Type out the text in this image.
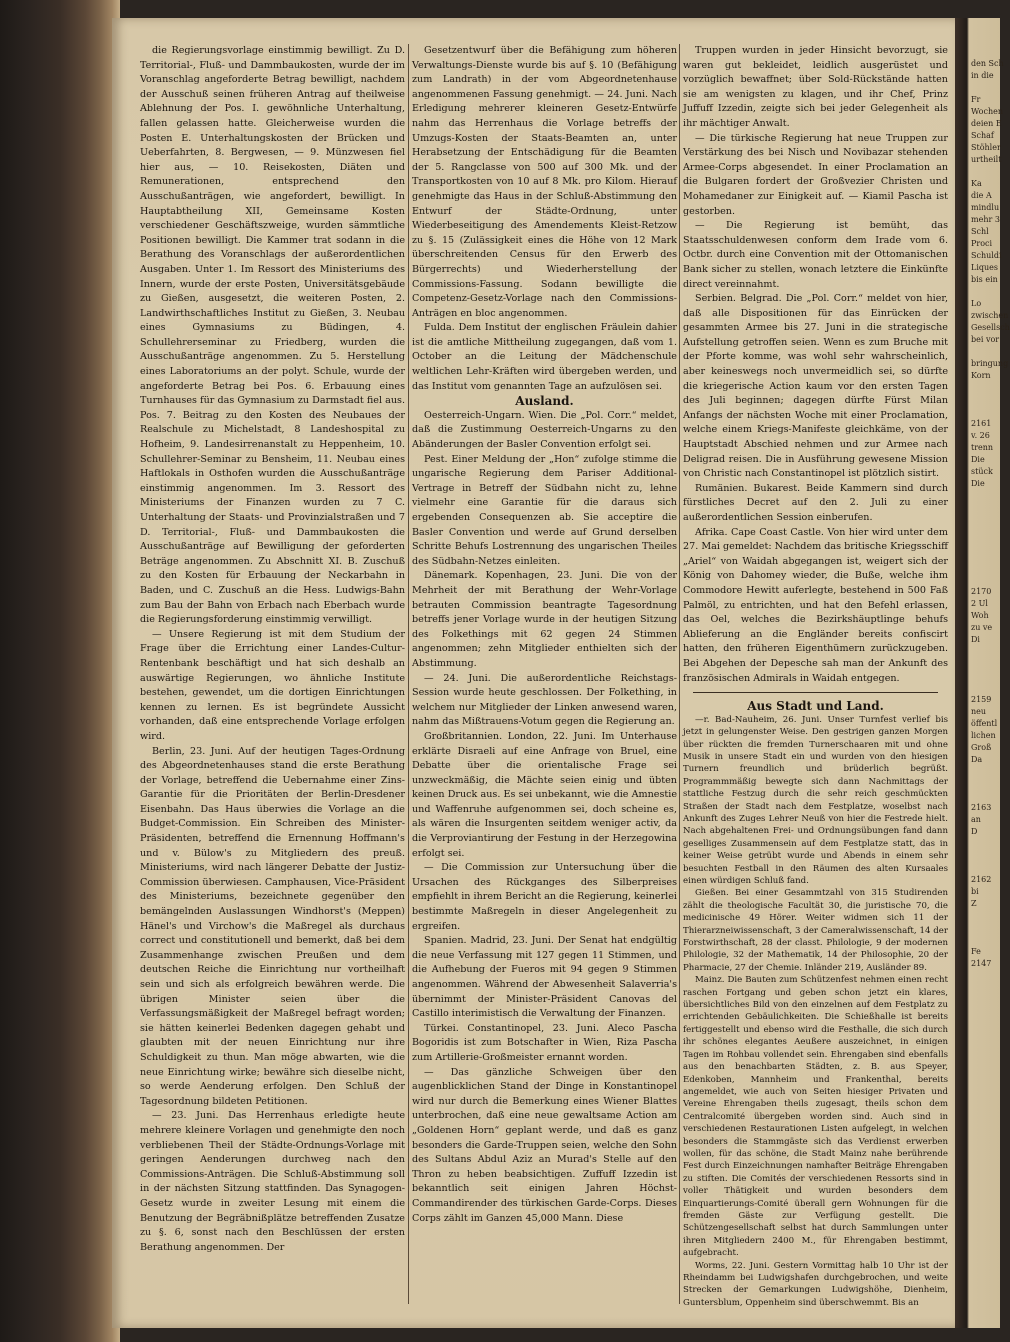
den Sch
in die

Fr
Wochen
deien E
Schaf
Stöhler
urtheilt

Ka
die A
mindlu
mehr 3
Schl
Proci
Schuldi
Liques
bis ein

Lo
zwischen
Gesellsch
bei vor

bringung
Korn

2161
v. 26
trenn
Die
stück
Die

2170
2 Ul
Woh
zu ve
Di

2159
neu
öffentl
lichen
Groß
Da

2163
an
D

2162
bi
Z

Fe
2147

die Regierungsvorlage einstimmig bewilligt. Zu D. Territorial-, Fluß- und Dammbaukosten, wurde der im Voranschlag angeforderte Betrag bewilligt, nachdem der Ausschuß seinen früheren Antrag auf theilweise Ablehnung der Pos. I. gewöhnliche Unterhaltung, fallen gelassen hatte. Gleicherweise wurden die Posten E. Unterhaltungskosten der Brücken und Ueberfahrten, 8. Bergwesen, — 9. Münzwesen fiel hier aus, — 10. Reisekosten, Diäten und Remunerationen, entsprechend den Ausschußanträgen, wie angefordert, bewilligt. In Hauptabtheilung XII, Gemeinsame Kosten verschiedener Geschäftszweige, wurden sämmtliche Positionen bewilligt. Die Kammer trat sodann in die Berathung des Voranschlags der außerordentlichen Ausgaben. Unter 1. Im Ressort des Ministeriums des Innern, wurde der erste Posten, Universitätsgebäude zu Gießen, ausgesetzt, die weiteren Posten, 2. Landwirthschaftliches Institut zu Gießen, 3. Neubau eines Gymnasiums zu Büdingen, 4. Schullehrerseminar zu Friedberg, wurden die Ausschußanträge angenommen. Zu 5. Herstellung eines Laboratoriums an der polyt. Schule, wurde der angeforderte Betrag bei Pos. 6. Erbauung eines Turnhauses für das Gymnasium zu Darmstadt fiel aus. Pos. 7. Beitrag zu den Kosten des Neubaues der Realschule zu Michelstadt, 8 Landeshospital zu Hofheim, 9. Landesirrenanstalt zu Heppenheim, 10. Schullehrer-Seminar zu Bensheim, 11. Neubau eines Haftlokals in Osthofen wurden die Ausschußanträge einstimmig angenommen. Im 3. Ressort des Ministeriums der Finanzen wurden zu 7 C. Unterhaltung der Staats- und Provinzialstraßen und 7 D. Territorial-, Fluß- und Dammbaukosten die Ausschußanträge auf Bewilligung der geforderten Beträge angenommen. Zu Abschnitt XI. B. Zuschuß zu den Kosten für Erbauung der Neckarbahn in Baden, und C. Zuschuß an die Hess. Ludwigs-Bahn zum Bau der Bahn von Erbach nach Eberbach wurde die Regierungsforderung einstimmig verwilligt.

— Unsere Regierung ist mit dem Studium der Frage über die Errichtung einer Landes-Cultur-Rentenbank beschäftigt und hat sich deshalb an auswärtige Regierungen, wo ähnliche Institute bestehen, gewendet, um die dortigen Einrichtungen kennen zu lernen. Es ist begründete Aussicht vorhanden, daß eine entsprechende Vorlage erfolgen wird.

Berlin, 23. Juni. Auf der heutigen Tages-Ordnung des Abgeordnetenhauses stand die erste Berathung der Vorlage, betreffend die Uebernahme einer Zins-Garantie für die Prioritäten der Berlin-Dresdener Eisenbahn. Das Haus überwies die Vorlage an die Budget-Commission. Ein Schreiben des Minister-Präsidenten, betreffend die Ernennung Hoffmann's und v. Bülow's zu Mitgliedern des preuß. Ministeriums, wird nach längerer Debatte der Justiz-Commission überwiesen. Camphausen, Vice-Präsident des Ministeriums, bezeichnete gegenüber den bemängelnden Auslassungen Windhorst's (Meppen) Hänel's und Virchow's die Maßregel als durchaus correct und constitutionell und bemerkt, daß bei dem Zusammenhange zwischen Preußen und dem deutschen Reiche die Einrichtung nur vortheilhaft sein und sich als erfolgreich bewähren werde. Die übrigen Minister seien über die Verfassungsmäßigkeit der Maßregel befragt worden; sie hätten keinerlei Bedenken dagegen gehabt und glaubten mit der neuen Einrichtung nur ihre Schuldigkeit zu thun. Man möge abwarten, wie die neue Einrichtung wirke; bewähre sich dieselbe nicht, so werde Aenderung erfolgen. Den Schluß der Tagesordnung bildeten Petitionen.

— 23. Juni. Das Herrenhaus erledigte heute mehrere kleinere Vorlagen und genehmigte den noch verbliebenen Theil der Städte-Ordnungs-Vorlage mit geringen Aenderungen durchweg nach den Commissions-Anträgen. Die Schluß-Abstimmung soll in der nächsten Sitzung stattfinden. Das Synagogen-Gesetz wurde in zweiter Lesung mit einem die Benutzung der Begräbnißplätze betreffenden Zusatze zu §. 6, sonst nach den Beschlüssen der ersten Berathung angenommen. Der

Gesetzentwurf über die Befähigung zum höheren Verwaltungs-Dienste wurde bis auf §. 10 (Befähigung zum Landrath) in der vom Abgeordnetenhause angenommenen Fassung genehmigt. — 24. Juni. Nach Erledigung mehrerer kleineren Gesetz-Entwürfe nahm das Herrenhaus die Vorlage betreffs der Umzugs-Kosten der Staats-Beamten an, unter Herabsetzung der Entschädigung für die Beamten der 5. Rangclasse von 500 auf 300 Mk. und der Transportkosten von 10 auf 8 Mk. pro Kilom. Hierauf genehmigte das Haus in der Schluß-Abstimmung den Entwurf der Städte-Ordnung, unter Wiederbeseitigung des Amendements Kleist-Retzow zu §. 15 (Zulässigkeit eines die Höhe von 12 Mark überschreitenden Census für den Erwerb des Bürgerrechts) und Wiederherstellung der Commissions-Fassung. Sodann bewilligte die Competenz-Gesetz-Vorlage nach den Commissions-Anträgen en bloc angenommen.

Fulda. Dem Institut der englischen Fräulein dahier ist die amtliche Mittheilung zugegangen, daß vom 1. October an die Leitung der Mädchenschule weltlichen Lehr-Kräften wird übergeben werden, und das Institut vom genannten Tage an aufzulösen sei.

Ausland.

Oesterreich-Ungarn. Wien. Die „Pol. Corr.“ meldet, daß die Zustimmung Oesterreich-Ungarns zu den Abänderungen der Basler Convention erfolgt sei.

Pest. Einer Meldung der „Hon“ zufolge stimme die ungarische Regierung dem Pariser Additional-Vertrage in Betreff der Südbahn nicht zu, lehne vielmehr eine Garantie für die daraus sich ergebenden Consequenzen ab. Sie acceptire die Basler Convention und werde auf Grund derselben Schritte Behufs Lostrennung des ungarischen Theiles des Südbahn-Netzes einleiten.

Dänemark. Kopenhagen, 23. Juni. Die von der Mehrheit der mit Berathung der Wehr-Vorlage betrauten Commission beantragte Tagesordnung betreffs jener Vorlage wurde in der heutigen Sitzung des Folkethings mit 62 gegen 24 Stimmen angenommen; zehn Mitglieder enthielten sich der Abstimmung.

— 24. Juni. Die außerordentliche Reichstags-Session wurde heute geschlossen. Der Folkething, in welchem nur Mitglieder der Linken anwesend waren, nahm das Mißtrauens-Votum gegen die Regierung an.

Großbritannien. London, 22. Juni. Im Unterhause erklärte Disraeli auf eine Anfrage von Bruel, eine Debatte über die orientalische Frage sei unzweckmäßig, die Mächte seien einig und übten keinen Druck aus. Es sei unbekannt, wie die Amnestie und Waffenruhe aufgenommen sei, doch scheine es, als wären die Insurgenten seitdem weniger activ, da die Verproviantirung der Festung in der Herzegowina erfolgt sei.

— Die Commission zur Untersuchung über die Ursachen des Rückganges des Silberpreises empfiehlt in ihrem Bericht an die Regierung, keinerlei bestimmte Maßregeln in dieser Angelegenheit zu ergreifen.

Spanien. Madrid, 23. Juni. Der Senat hat endgültig die neue Verfassung mit 127 gegen 11 Stimmen, und die Aufhebung der Fueros mit 94 gegen 9 Stimmen angenommen. Während der Abwesenheit Salaverria's übernimmt der Minister-Präsident Canovas del Castillo interimistisch die Verwaltung der Finanzen.

Türkei. Constantinopel, 23. Juni. Aleco Pascha Bogoridis ist zum Botschafter in Wien, Riza Pascha zum Artillerie-Großmeister ernannt worden.

— Das gänzliche Schweigen über den augenblicklichen Stand der Dinge in Konstantinopel wird nur durch die Bemerkung eines Wiener Blattes unterbrochen, daß eine neue gewaltsame Action am „Goldenen Horn“ geplant werde, und daß es ganz besonders die Garde-Truppen seien, welche den Sohn des Sultans Abdul Aziz an Murad's Stelle auf den Thron zu heben beabsichtigen. Zuffuff Izzedin ist bekanntlich seit einigen Jahren Höchst-Commandirender des türkischen Garde-Corps. Dieses Corps zählt im Ganzen 45,000 Mann. Diese

Truppen wurden in jeder Hinsicht bevorzugt, sie waren gut bekleidet, leidlich ausgerüstet und vorzüglich bewaffnet; über Sold-Rückstände hatten sie am wenigsten zu klagen, und ihr Chef, Prinz Juffuff Izzedin, zeigte sich bei jeder Gelegenheit als ihr mächtiger Anwalt.

— Die türkische Regierung hat neue Truppen zur Verstärkung des bei Nisch und Novibazar stehenden Armee-Corps abgesendet. In einer Proclamation an die Bulgaren fordert der Großvezier Christen und Mohamedaner zur Einigkeit auf. — Kiamil Pascha ist gestorben.

— Die Regierung ist bemüht, das Staatsschuldenwesen conform dem Irade vom 6. Octbr. durch eine Convention mit der Ottomanischen Bank sicher zu stellen, wonach letztere die Einkünfte direct vereinnahmt.

Serbien. Belgrad. Die „Pol. Corr.“ meldet von hier, daß alle Dispositionen für das Einrücken der gesammten Armee bis 27. Juni in die strategische Aufstellung getroffen seien. Wenn es zum Bruche mit der Pforte komme, was wohl sehr wahrscheinlich, aber keineswegs noch unvermeidlich sei, so dürfte die kriegerische Action kaum vor den ersten Tagen des Juli beginnen; dagegen dürfte Fürst Milan Anfangs der nächsten Woche mit einer Proclamation, welche einem Kriegs-Manifeste gleichkäme, von der Hauptstadt Abschied nehmen und zur Armee nach Deligrad reisen. Die in Ausführung gewesene Mission von Christic nach Constantinopel ist plötzlich sistirt.

Rumänien. Bukarest. Beide Kammern sind durch fürstliches Decret auf den 2. Juli zu einer außerordentlichen Session einberufen.

Afrika. Cape Coast Castle. Von hier wird unter dem 27. Mai gemeldet: Nachdem das britische Kriegsschiff „Ariel“ von Waidah abgegangen ist, weigert sich der König von Dahomey wieder, die Buße, welche ihm Commodore Hewitt auferlegte, bestehend in 500 Faß Palmöl, zu entrichten, und hat den Befehl erlassen, das Oel, welches die Bezirkshäuptlinge behufs Ablieferung an die Engländer bereits confiscirt hatten, den früheren Eigenthümern zurückzugeben. Bei Abgehen der Depesche sah man der Ankunft des französischen Admirals in Waidah entgegen.

Aus Stadt und Land.

—r. Bad-Nauheim, 26. Juni. Unser Turnfest verlief bis jetzt in gelungenster Weise. Den gestrigen ganzen Morgen über rückten die fremden Turnerschaaren mit und ohne Musik in unsere Stadt ein und wurden von den hiesigen Turnern freundlich und brüderlich begrüßt. Programmmäßig bewegte sich dann Nachmittags der stattliche Festzug durch die sehr reich geschmückten Straßen der Stadt nach dem Festplatze, woselbst nach Ankunft des Zuges Lehrer Neuß von hier die Festrede hielt. Nach abgehaltenen Frei- und Ordnungsübungen fand dann geselliges Zusammensein auf dem Festplatze statt, das in keiner Weise getrübt wurde und Abends in einem sehr besuchten Festball in den Räumen des alten Kursaales einen würdigen Schluß fand.

Gießen. Bei einer Gesammtzahl von 315 Studirenden zählt die theologische Facultät 30, die juristische 70, die medicinische 49 Hörer. Weiter widmen sich 11 der Thierarzneiwissenschaft, 3 der Cameralwissenschaft, 14 der Forstwirthschaft, 28 der classt. Philologie, 9 der modernen Philologie, 32 der Mathematik, 14 der Philosophie, 20 der Pharmacie, 27 der Chemie. Inländer 219, Ausländer 89.

Mainz. Die Bauten zum Schützenfest nehmen einen recht raschen Fortgang und geben schon jetzt ein klares, übersichtliches Bild von den einzelnen auf dem Festplatz zu errichtenden Gebäulichkeiten. Die Schießhalle ist bereits fertiggestellt und ebenso wird die Festhalle, die sich durch ihr schönes elegantes Aeußere auszeichnet, in einigen Tagen im Rohbau vollendet sein. Ehrengaben sind ebenfalls aus den benachbarten Städten, z. B. aus Speyer, Edenkoben, Mannheim und Frankenthal, bereits angemeldet, wie auch von Seiten hiesiger Privaten und Vereine Ehrengaben theils zugesagt, theils schon dem Centralcomité übergeben worden sind. Auch sind in verschiedenen Restaurationen Listen aufgelegt, in welchen besonders die Stammgäste sich das Verdienst erwerben wollen, für das schöne, die Stadt Mainz nahe berührende Fest durch Einzeichnungen namhafter Beiträge Ehrengaben zu stiften. Die Comités der verschiedenen Ressorts sind in voller Thätigkeit und wurden besonders dem Einquartierungs-Comité überall gern Wohnungen für die fremden Gäste zur Verfügung gestellt. Die Schützengesellschaft selbst hat durch Sammlungen unter ihren Mitgliedern 2400 M., für Ehrengaben bestimmt, aufgebracht.

Worms, 22. Juni. Gestern Vormittag halb 10 Uhr ist der Rheindamm bei Ludwigshafen durchgebrochen, und weite Strecken der Gemarkungen Ludwigshöhe, Dienheim, Guntersblum, Oppenheim sind überschwemmt. Bis an
